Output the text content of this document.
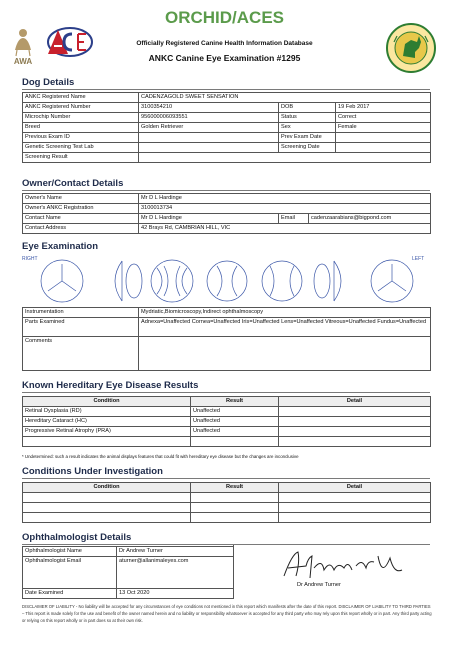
AWA
ORCHID/ACES
Officially Registered Canine Health Information Database
ANKC Canine Eye Examination #1295
Dog Details
ANKC Registered Name	CADENZAGOLD SWEET SENSATION		
ANKC Registered Number	3100354210	DOB	19 Feb 2017
Microchip Number	956000006093551	Status	Correct
Breed	Golden Retriever	Sex	Female
Previous Exam ID		Prev Exam Date	
Genetic Screening Test Lab		Screening Date	
Screening Result			
Owner/Contact Details
Owner's Name	Mr D L Hardinge		
Owner's ANKC Registration	3100013734		
Contact Name	Mr D L Hardinge	Email	cadenzaarabians@bigpond.com
Contact Address	42 Brays Rd, CAMBRIAN HILL, VIC		
Eye Examination
RIGHT	LEFT
Instrumentation	Mydriatic,Biomicroscopy,Indirect ophthalmoscopy
Parts Examined	Adnexa=Unaffected Cornea=Unaffected Iris=Unaffected Lens=Unaffected Vitreous=Unaffected Fundus=Unaffected
Comments	
Known Hereditary Eye Disease Results
Condition	Result	Detail
Retinal Dysplasia (RD)	Unaffected	
Hereditary Cataract (HC)	Unaffected	
Progressive Retinal Atrophy (PRA)	Unaffected	

* Undetermined: such a result indicates the animal displays features that could fit with hereditary eye disease but the changes are inconclusive
Conditions Under Investigation
Condition	Result	Detail

Ophthalmologist Details
Ophthalmologist Name	Dr Andrew Turner
Ophthalmologist Email	aturner@allanimaleyes.com
Date Examined	13 Oct 2020
Dr Andrew Turner
DISCLAIMER OF LIABILITY - No liability will be accepted for any circumstances of eye conditions not mentioned in this report which manifests after the date of this report. DISCLAIMER OF LIABILITY TO THIRD PARTIES – This report is made solely for the use and benefit of the owner named herein and no liability or responsibility whatsoever is accepted for any third party who may rely upon this report wholly or in part. Any third party acting or relying on this report wholly or in part does so at their own risk.
